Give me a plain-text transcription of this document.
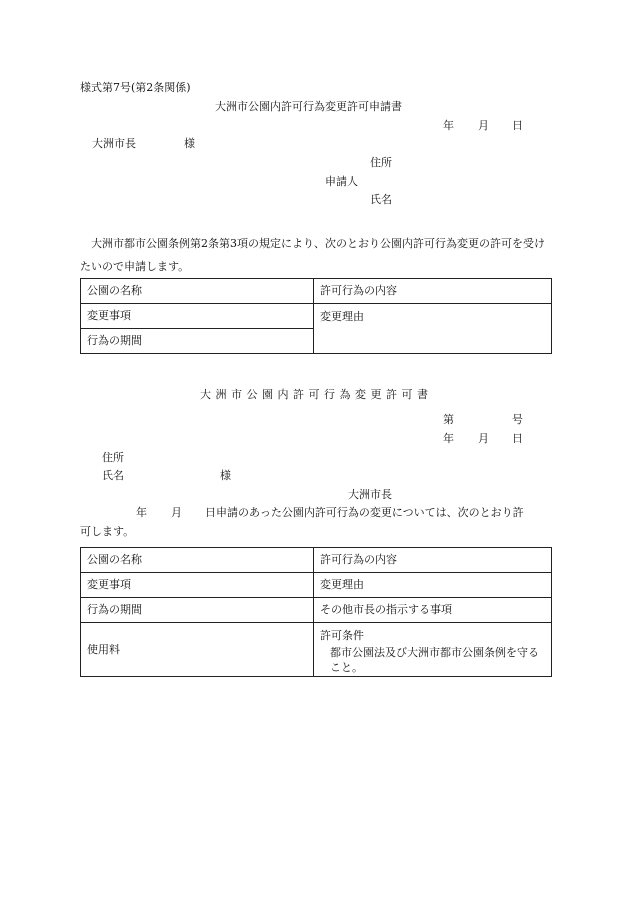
様式第7号(第2条関係)
大洲市公園内許可行為変更許可申請書
年 月 日
大洲市長	様
住所
申請人
氏名
大洲市都市公園条例第2条第3項の規定により、次のとおり公園内許可行為変更の許可を受けたいので申請します。
公園の名称	許可行為の内容
変更事項	変更理由
行為の期間	
大洲市公園内許可行為変更許可書
第	号
年 月 日
住所
氏名	様
大洲市長
年 月 日申請のあった公園内許可行為の変更については、次のとおり許
可します。
公園の名称	許可行為の内容
変更事項	変更理由
行為の期間	その他市長の指示する事項
使用料	許可条件
都市公園法及び大洲市都市公園条例を守ること。
